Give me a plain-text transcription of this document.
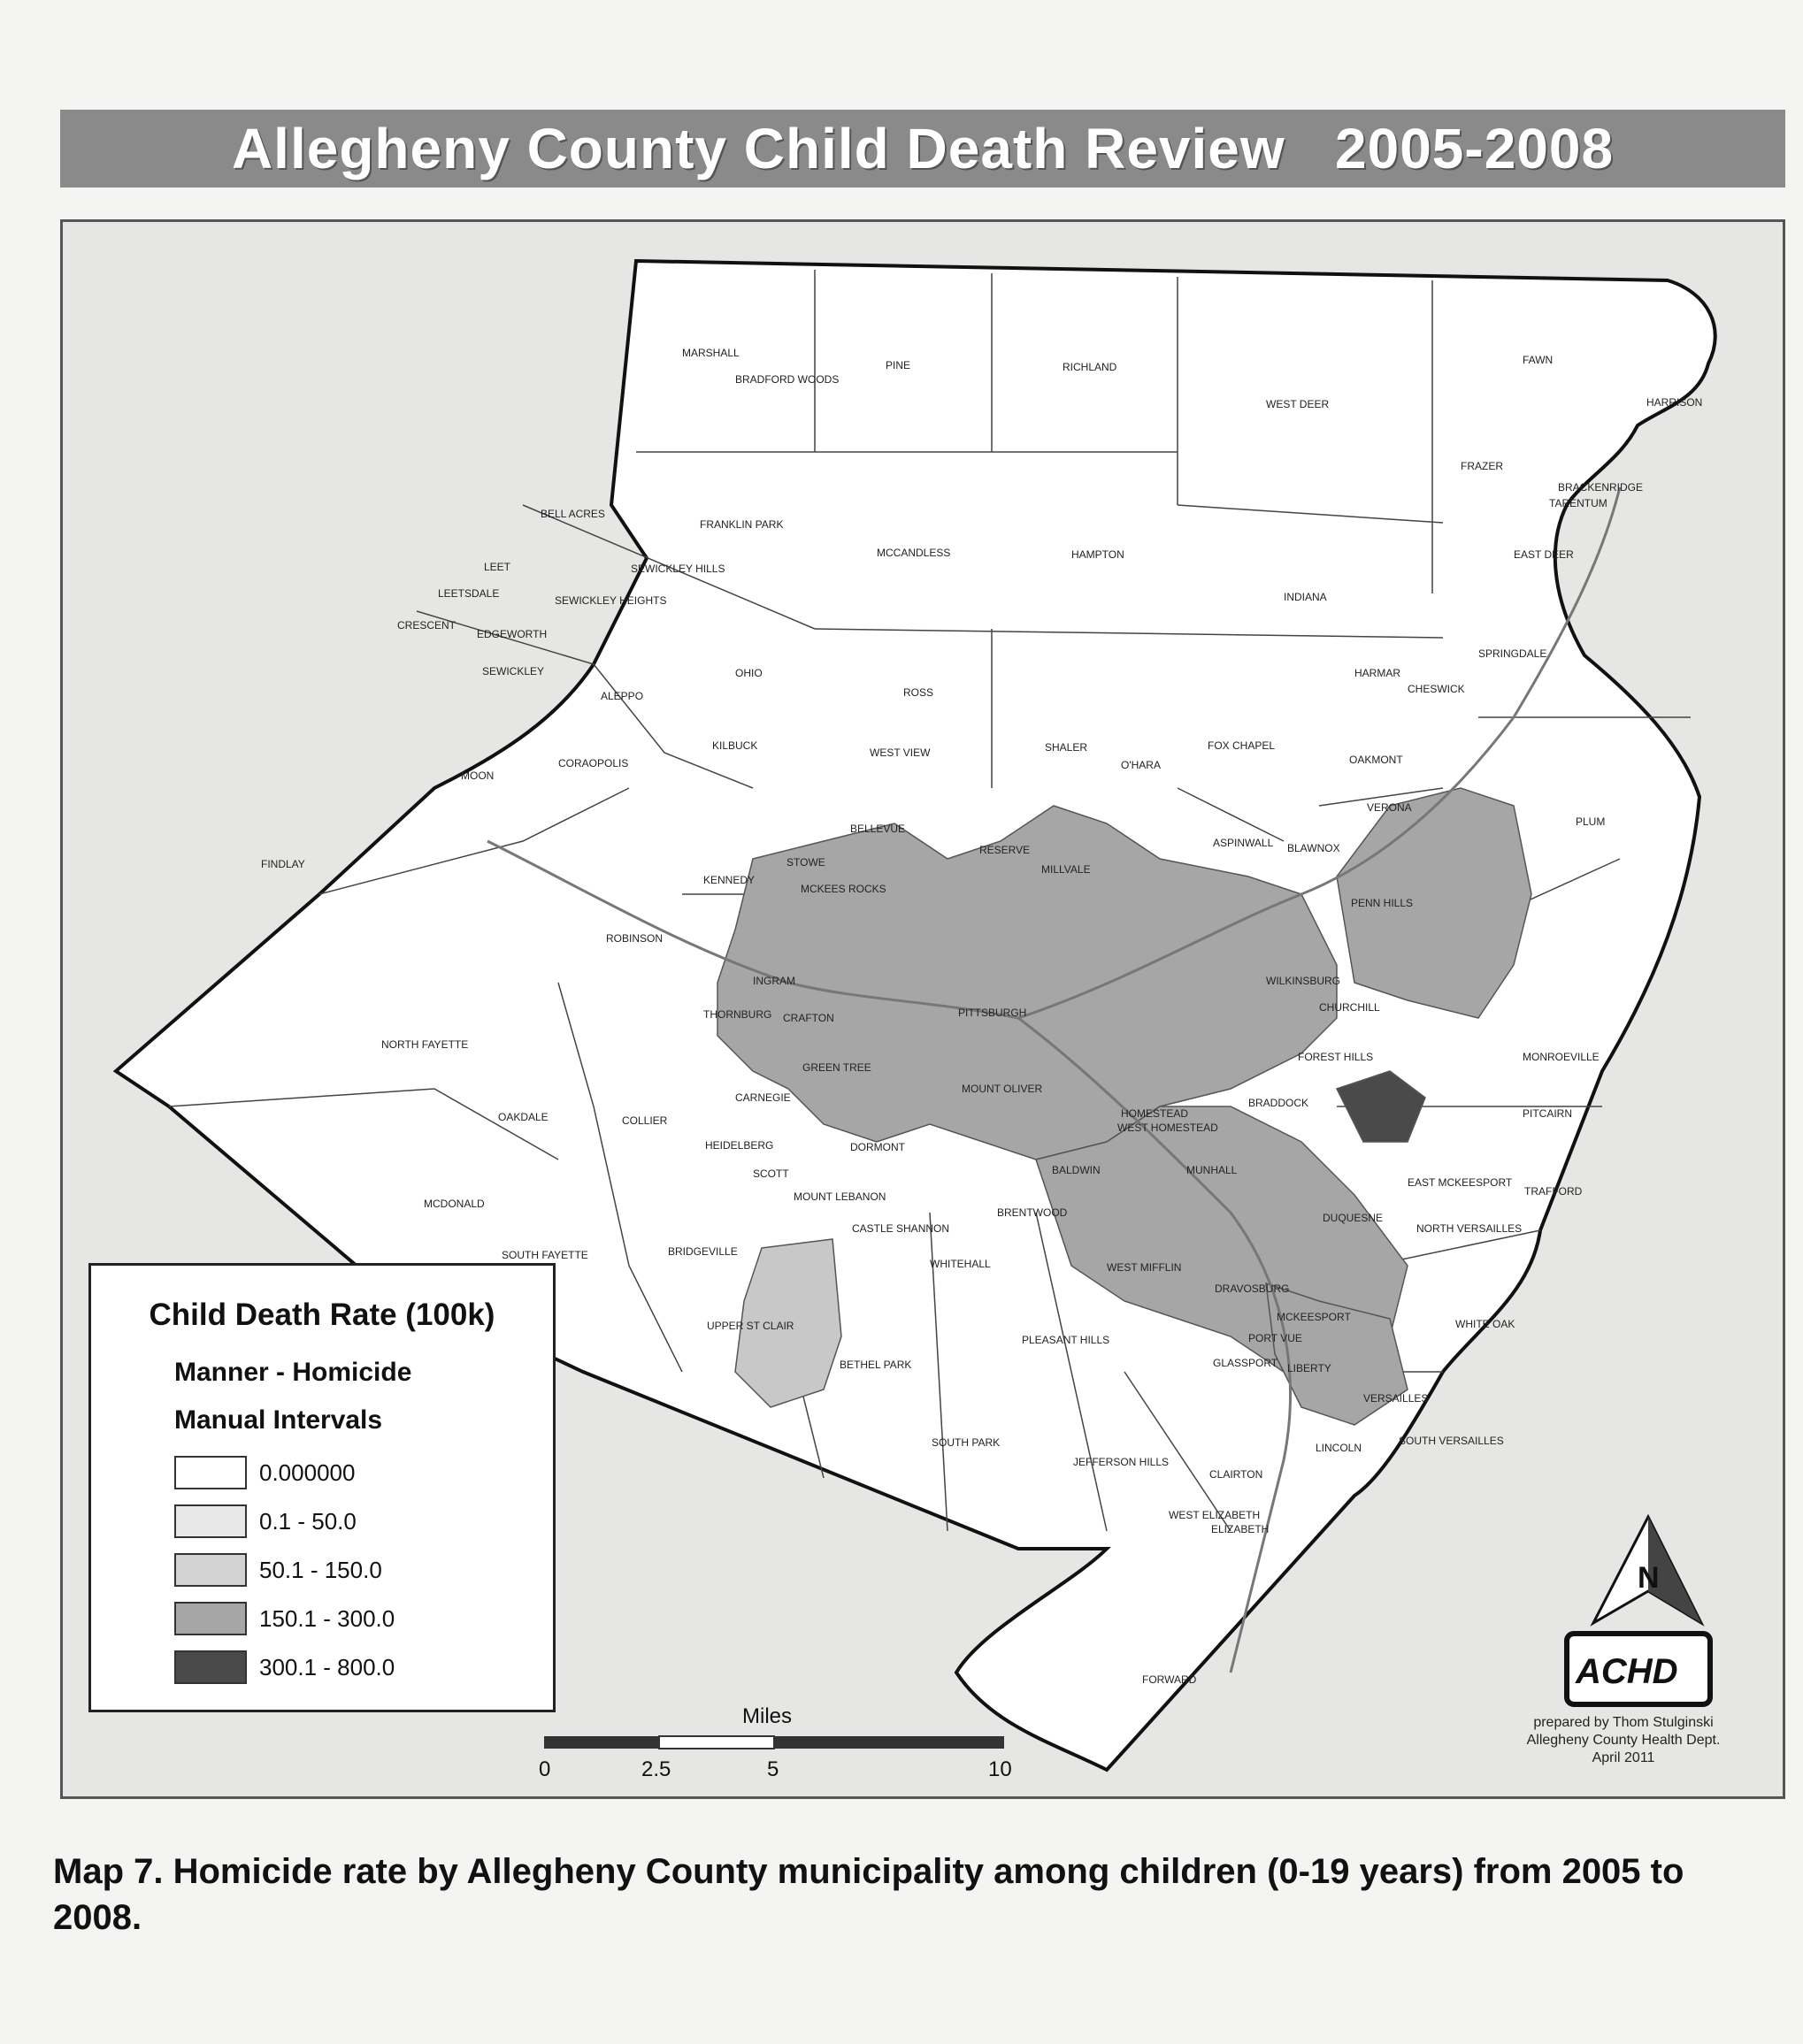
Allegheny County Child Death Review   2005-2008
MARSHALL
BRADFORD WOODS
PINE	RICHLAND
WEST DEER
FAWN
HARRISON
FRAZER
BRACKENRIDGE
TARENTUM
BELL ACRES
FRANKLIN PARK
MCCANDLESS	HAMPTON	EAST DEER
LEET	SEWICKLEY HILLS
LEETSDALE
SEWICKLEY HEIGHTS	INDIANA
CRESCENT
EDGEWORTH
SPRINGDALE
HARMAR
CHESWICK
OHIO
SEWICKLEY
ALEPPO	ROSS
FOX CHAPEL
OAKMONT
MOON
CORAOPOLIS
KILBUCK
WEST VIEW	SHALER
O'HARA
VERONA
PLUM
FINDLAY
KENNEDY
STOWE
BELLEVUE
RESERVE
MILLVALE
PENN HILLS
ROBINSON
MCKEES ROCKS
ASPINWALL BLAWNOX
PITTSBURGH
WILKINSBURG
CHURCHILL
NORTH FAYETTE
THORNBURG CRAFTON
INGRAM
GREEN TREE
MOUNT OLIVER
FOREST HILLS	MONROEVILLE
CARNEGIE
COLLIER
OAKDALE
HEIDELBERG	DORMONT
HOMESTEAD
WEST HOMESTEAD
MUNHALL
BRADDOCK
PITCAIRN
SCOTT
MOUNT LEBANON
BALDWIN
EAST MCKEESPORT
TRAFFORD
CASTLE SHANNON
BRENTWOOD	DUQUESNE
NORTH VERSAILLES
MCDONALD
SOUTH FAYETTE	BRIDGEVILLE
WHITEHALL	WEST MIFFLIN
DRAVOSBURG
UPPER ST CLAIR
MCKEESPORT
WHITE OAK
PLEASANT HILLS	PORT VUE
BETHEL PARK	GLASSPORT LIBERTY
VERSAILLES
SOUTH PARK	LINCOLN
SOUTH VERSAILLES
JEFFERSON HILLS
CLAIRTON
WEST ELIZABETH
ELIZABETH
FORWARD
N
ACHD
Miles
0	2.5	5	10
Child Death Rate (100k)
Manner - Homicide
Manual Intervals
0.000000
0.1 - 50.0
50.1 - 150.0
150.1 - 300.0
300.1 - 800.0
prepared by Thom Stulginski
Allegheny County Health Dept.
April 2011
Map 7. Homicide rate by Allegheny County municipality among children (0-19 years) from 2005 to 2008.
